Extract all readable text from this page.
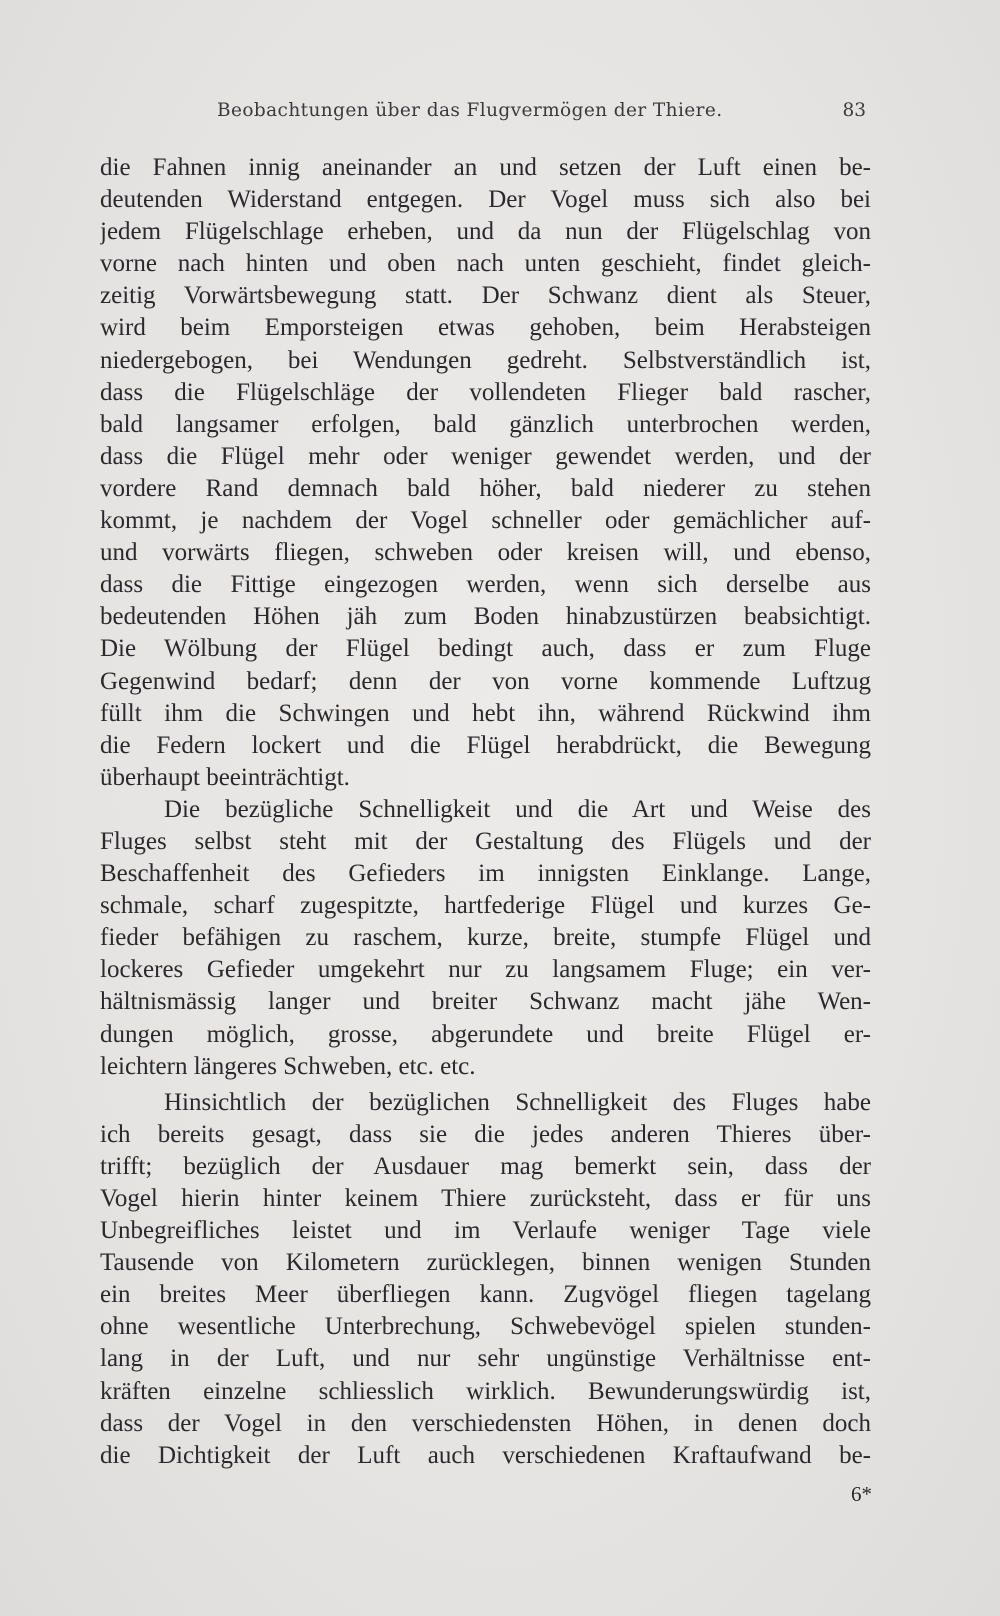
Beobachtungen über das Flugvermögen der Thiere.	83
die Fahnen innig aneinander an und setzen der Luft einen be-
deutenden Widerstand entgegen. Der Vogel muss sich also bei
jedem Flügelschlage erheben, und da nun der Flügelschlag von
vorne nach hinten und oben nach unten geschieht, findet gleich-
zeitig Vorwärtsbewegung statt. Der Schwanz dient als Steuer,
wird beim Emporsteigen etwas gehoben, beim Herabsteigen
niedergebogen, bei Wendungen gedreht. Selbstverständlich ist,
dass die Flügelschläge der vollendeten Flieger bald rascher,
bald langsamer erfolgen, bald gänzlich unterbrochen werden,
dass die Flügel mehr oder weniger gewendet werden, und der
vordere Rand demnach bald höher, bald niederer zu stehen
kommt, je nachdem der Vogel schneller oder gemächlicher auf-
und vorwärts fliegen, schweben oder kreisen will, und ebenso,
dass die Fittige eingezogen werden, wenn sich derselbe aus
bedeutenden Höhen jäh zum Boden hinabzustürzen beabsichtigt.
Die Wölbung der Flügel bedingt auch, dass er zum Fluge
Gegenwind bedarf; denn der von vorne kommende Luftzug
füllt ihm die Schwingen und hebt ihn, während Rückwind ihm
die Federn lockert und die Flügel herabdrückt, die Bewegung
überhaupt beeinträchtigt.
Die bezügliche Schnelligkeit und die Art und Weise des
Fluges selbst steht mit der Gestaltung des Flügels und der
Beschaffenheit des Gefieders im innigsten Einklange. Lange,
schmale, scharf zugespitzte, hartfederige Flügel und kurzes Ge-
fieder befähigen zu raschem, kurze, breite, stumpfe Flügel und
lockeres Gefieder umgekehrt nur zu langsamem Fluge; ein ver-
hältnismässig langer und breiter Schwanz macht jähe Wen-
dungen möglich, grosse, abgerundete und breite Flügel er-
leichtern längeres Schweben, etc. etc.
Hinsichtlich der bezüglichen Schnelligkeit des Fluges habe
ich bereits gesagt, dass sie die jedes anderen Thieres über-
trifft; bezüglich der Ausdauer mag bemerkt sein, dass der
Vogel hierin hinter keinem Thiere zurücksteht, dass er für uns
Unbegreifliches leistet und im Verlaufe weniger Tage viele
Tausende von Kilometern zurücklegen, binnen wenigen Stunden
ein breites Meer überfliegen kann. Zugvögel fliegen tagelang
ohne wesentliche Unterbrechung, Schwebevögel spielen stunden-
lang in der Luft, und nur sehr ungünstige Verhältnisse ent-
kräften einzelne schliesslich wirklich. Bewunderungswürdig ist,
dass der Vogel in den verschiedensten Höhen, in denen doch
die Dichtigkeit der Luft auch verschiedenen Kraftaufwand be-
6*
